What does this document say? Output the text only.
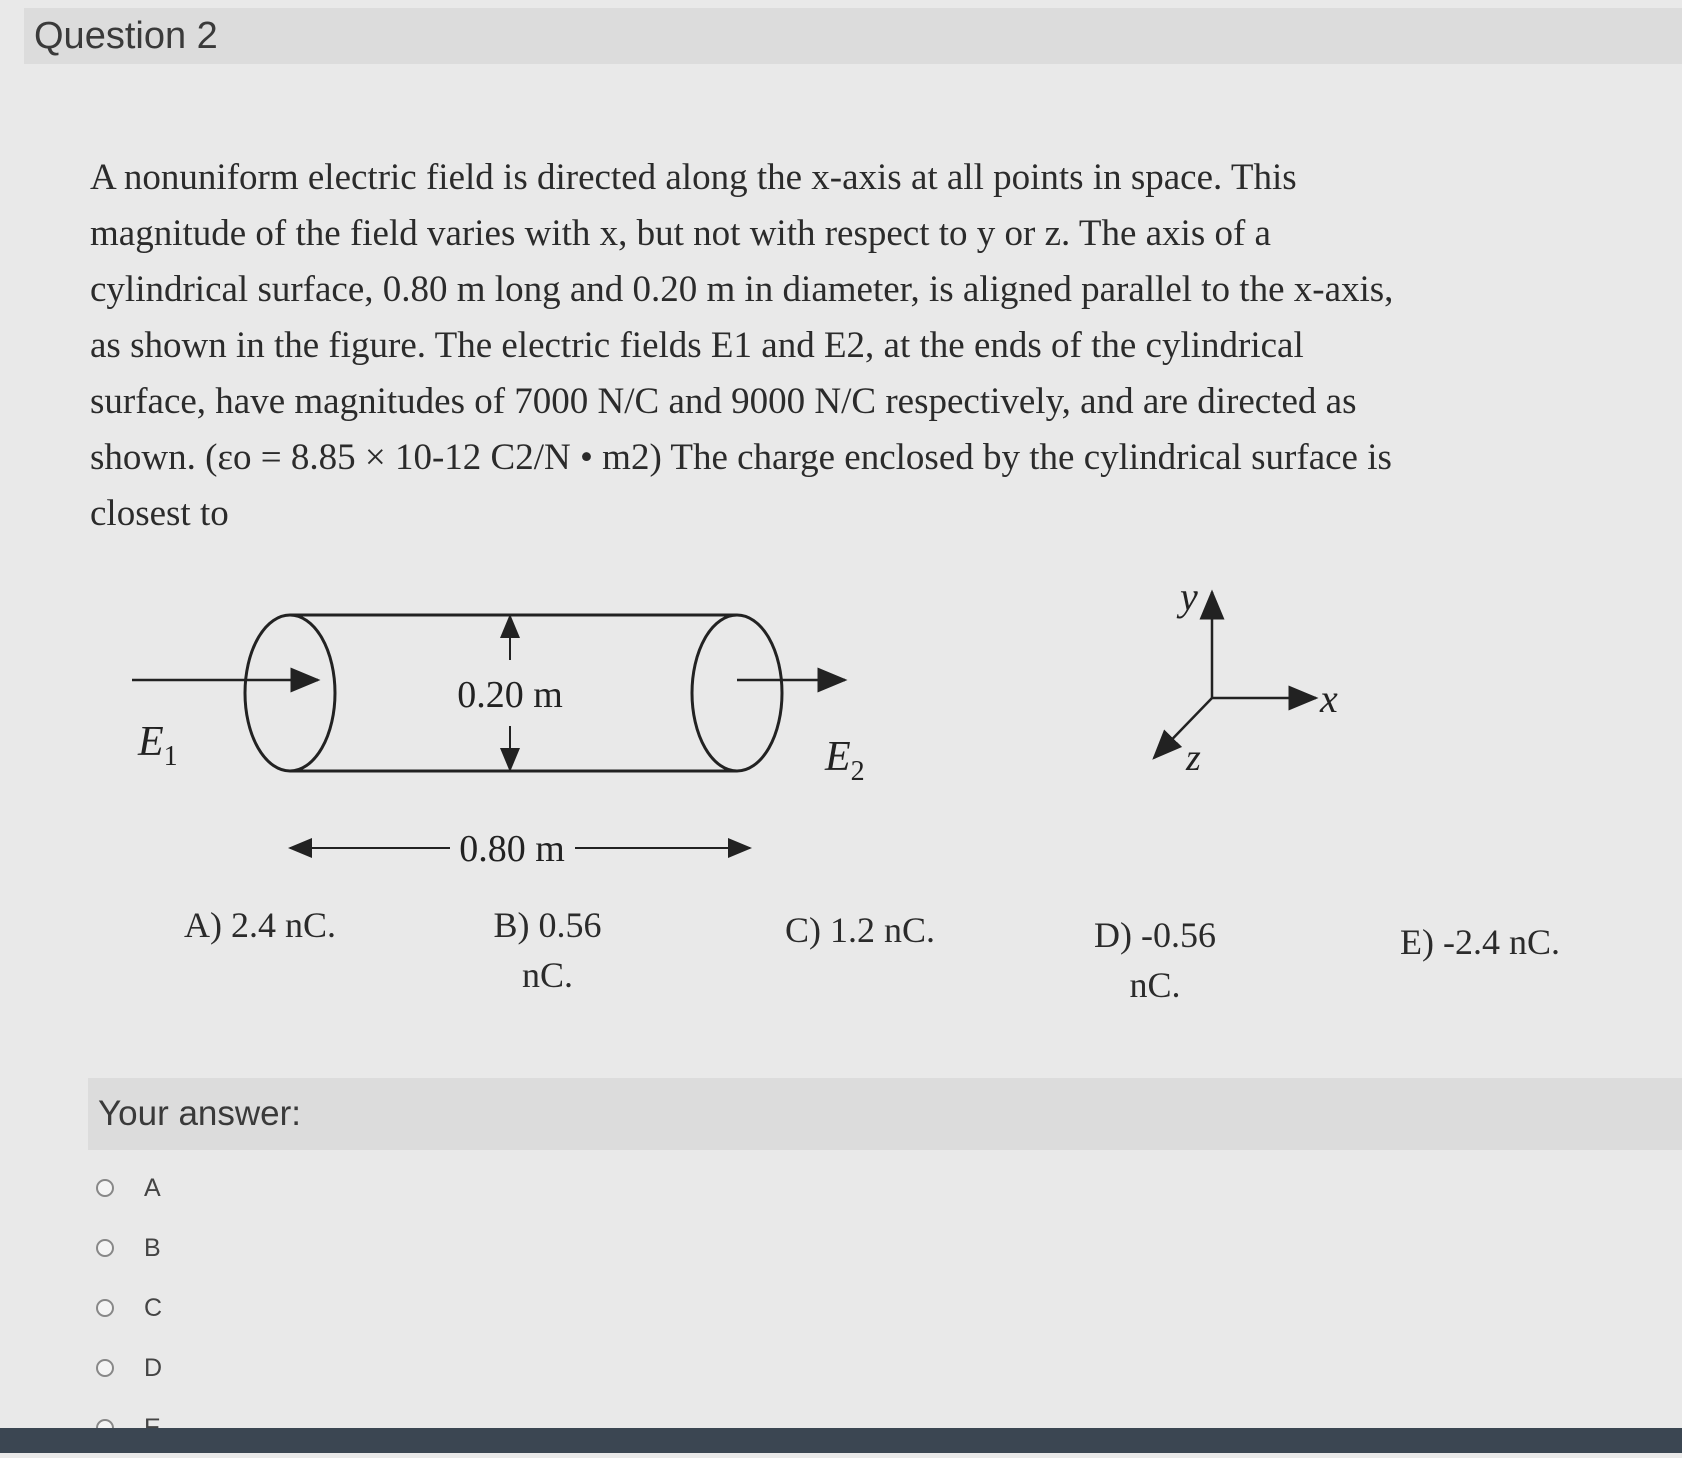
Question 2

A nonuniform electric field is directed along the x-axis at all points in space. This

magnitude of the field varies with x, but not with respect to y or z. The axis of a

cylindrical surface, 0.80 m long and 0.20 m in diameter, is aligned parallel to the x-axis,

as shown in the figure. The electric fields E1 and E2, at the ends of the cylindrical

surface, have magnitudes of 7000 N/C and 9000 N/C respectively, and are directed as

shown. (εo = 8.85 × 10-12 C2/N • m2) The charge enclosed by the cylindrical surface is

closest to

$E_1$	$E_2$
0.20 m
0.80 m
y
x
z
A) 2.4 nC.	B) 0.56
nC.
C) 1.2 nC.	D) -0.56
nC.
E) -2.4 nC.
Your answer:
A
B
C
D
